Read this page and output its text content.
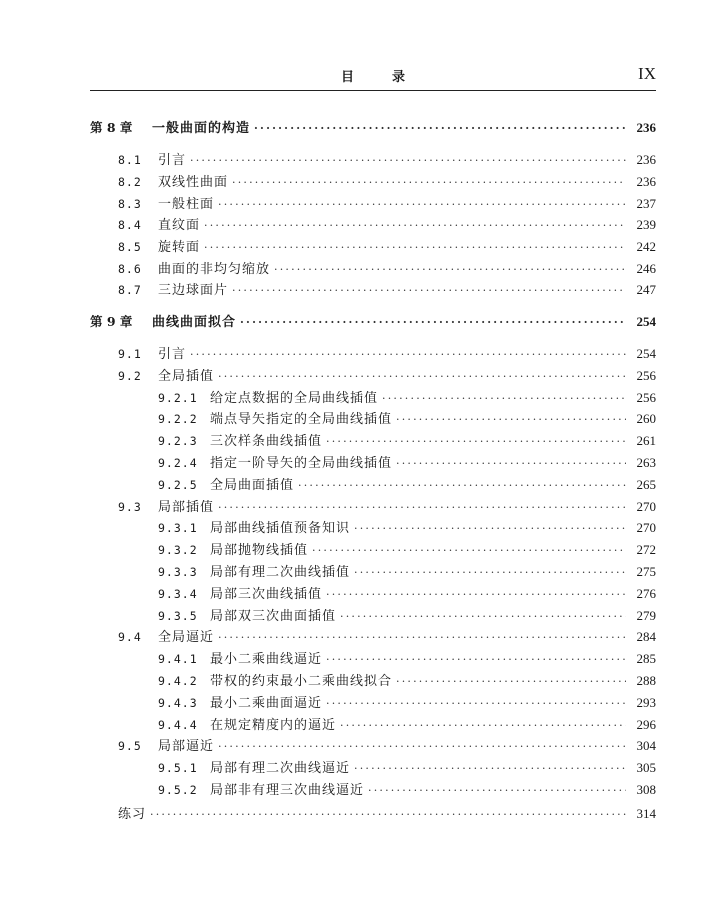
目录	IX
第 8 章	一般曲面的构造 ·····	236
8.1	引言 ·····	236
8.2	双线性曲面 ·····	236
8.3	一般柱面 ·····	237
8.4	直纹面 ·····	239
8.5	旋转面 ·····	242
8.6	曲面的非均匀缩放 ·····	246
8.7	三边球面片 ·····	247
第 9 章	曲线曲面拟合 ·····	254
9.1	引言 ·····	254
9.2	全局插值 ·····	256
9.2.1 给定点数据的全局曲线插值 ·····	256
9.2.2 端点导矢指定的全局曲线插值 ·····	260
9.2.3 三次样条曲线插值 ·····	261
9.2.4 指定一阶导矢的全局曲线插值 ·····	263
9.2.5 全局曲面插值 ·····	265
9.3	局部插值 ·····	270
9.3.1 局部曲线插值预备知识 ·····	270
9.3.2 局部抛物线插值 ·····	272
9.3.3 局部有理二次曲线插值 ·····	275
9.3.4 局部三次曲线插值 ·····	276
9.3.5 局部双三次曲面插值 ·····	279
9.4	全局逼近 ·····	284
9.4.1 最小二乘曲线逼近 ·····	285
9.4.2 带权的约束最小二乘曲线拟合 ·····	288
9.4.3 最小二乘曲面逼近 ·····	293
9.4.4 在规定精度内的逼近 ·····	296
9.5	局部逼近 ·····	304
9.5.1 局部有理二次曲线逼近 ·····	305
9.5.2 局部非有理三次曲线逼近 ·····	308
练习 ·····	314
